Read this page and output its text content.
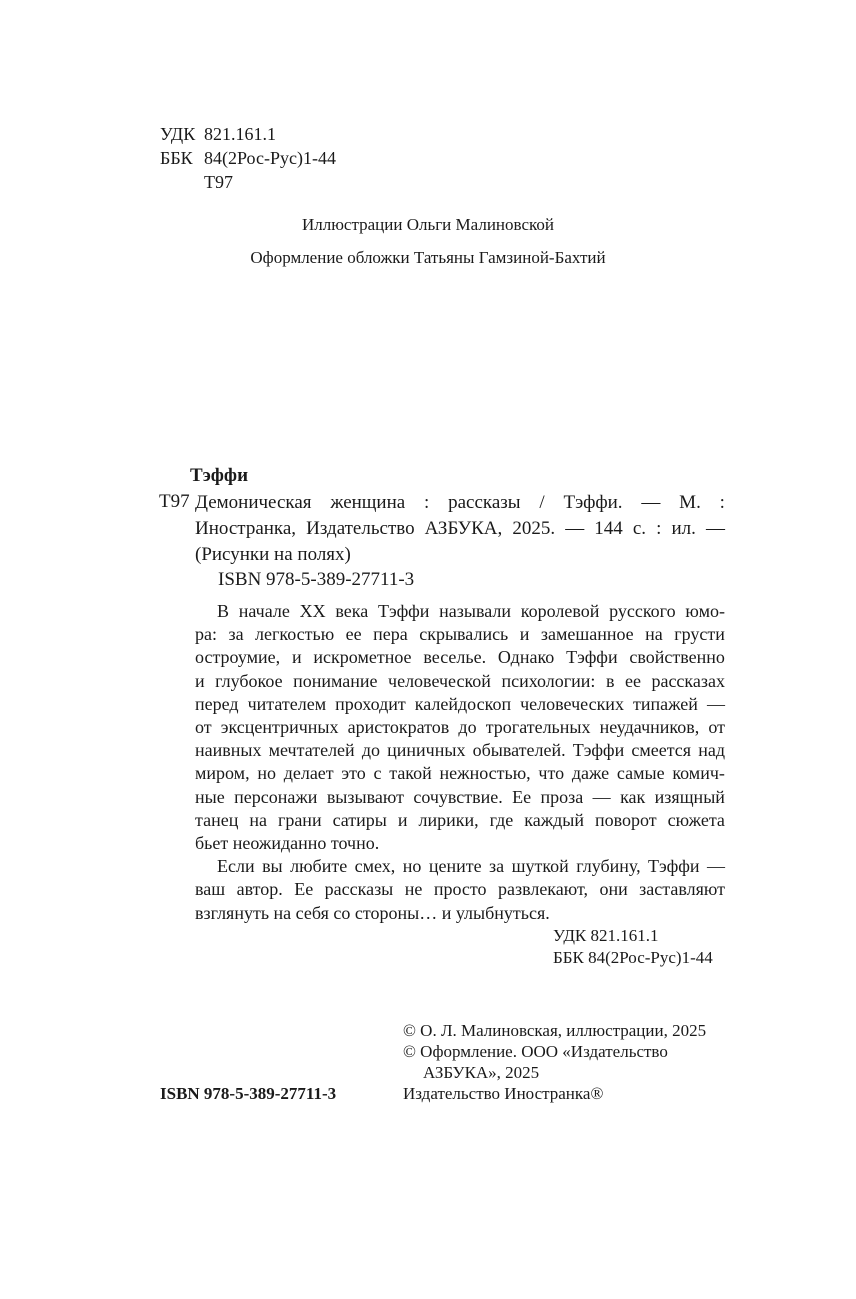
УДК 821.161.1
ББК 84(2Рос-Рус)1-44
Т97
Иллюстрации Ольги Малиновской
Оформление обложки Татьяны Гамзиной-Бахтий
Тэффи
Т97 Демоническая женщина : рассказы / Тэффи. — М. :
Иностранка, Издательство АЗБУКА, 2025. — 144 с. : ил. —
(Рисунки на полях)
ISBN 978-5-389-27711-3
В начале XX века Тэффи называли королевой русского юмо-
ра: за легкостью ее пера скрывались и замешанное на грусти
остроумие, и искрометное веселье. Однако Тэффи свойственно
и глубокое понимание человеческой психологии: в ее рассказах
перед читателем проходит калейдоскоп человеческих типажей —
от эксцентричных аристократов до трогательных неудачников, от
наивных мечтателей до циничных обывателей. Тэффи смеется над
миром, но делает это с такой нежностью, что даже самые комич-
ные персонажи вызывают сочувствие. Ее проза — как изящный
танец на грани сатиры и лирики, где каждый поворот сюжета
бьет неожиданно точно.
Если вы любите смех, но цените за шуткой глубину, Тэффи —
ваш автор. Ее рассказы не просто развлекают, они заставляют
взглянуть на себя со стороны… и улыбнуться.
УДК 821.161.1
ББК 84(2Рос-Рус)1-44
© О. Л. Малиновская, иллюстрации, 2025
© Оформление. ООО «Издательство
АЗБУКА», 2025
Издательство Иностранка®
ISBN 978-5-389-27711-3
